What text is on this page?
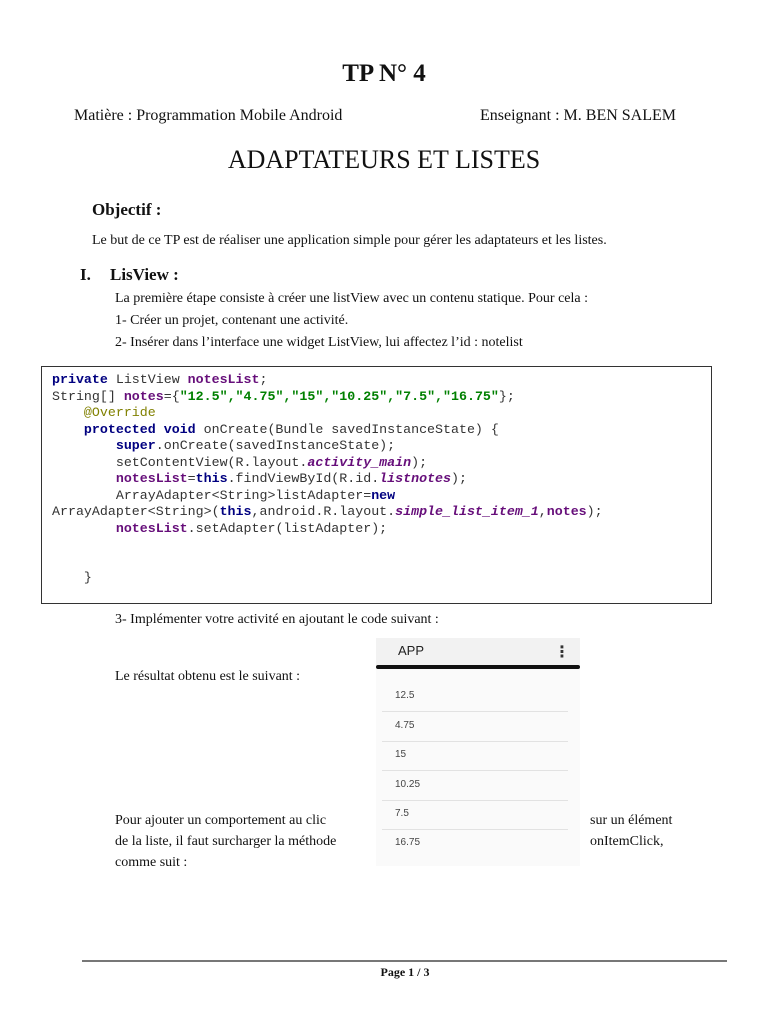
TP N° 4
Matière : Programmation Mobile Android	Enseignant : M. BEN SALEM
ADAPTATEURS ET LISTES
Objectif :
Le but de ce TP est de réaliser une application simple pour gérer les adaptateurs et les listes.
I. LisView :
La première étape consiste à créer une listView avec un contenu statique. Pour cela :
1- Créer un projet, contenant une activité.
2- Insérer dans l’interface une widget ListView, lui affectez l’id : notelist
private ListView notesList;
String[] notes={"12.5","4.75","15","10.25","7.5","16.75"};
@Override
protected void onCreate(Bundle savedInstanceState) {
super.onCreate(savedInstanceState);
setContentView(R.layout.activity_main);
notesList=this.findViewById(R.id.listnotes);
ArrayAdapter<String>listAdapter=new
ArrayAdapter<String>(this,android.R.layout.simple_list_item_1,notes);
notesList.setAdapter(listAdapter);

}
3- Implémenter votre activité en ajoutant le code suivant :
Le résultat obtenu est le suivant :
APP	⋮
12.5
4.75
15
10.25
7.5
16.75
Pour ajouter un comportement au clic
de la liste, il faut surcharger la méthode
comme suit :
sur un élément
onItemClick,
Page 1 / 3
